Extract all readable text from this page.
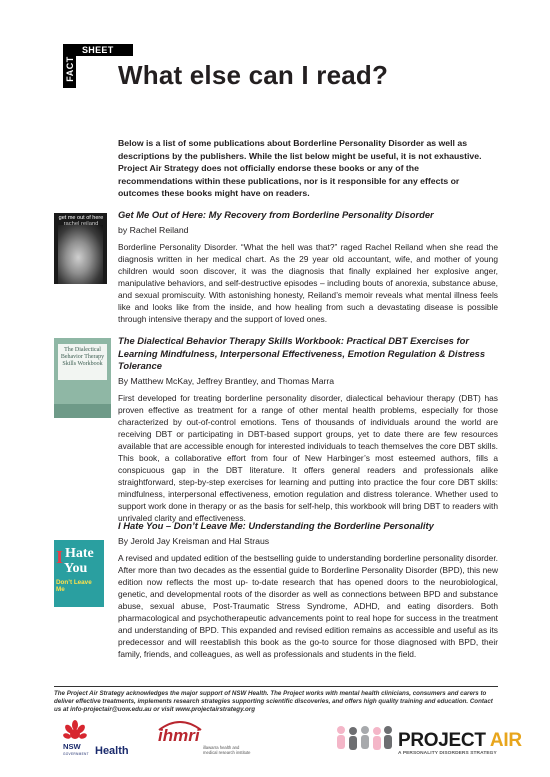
FACT
SHEET
What else can I read?

Below is a list of some publications about Borderline Personality Disorder as well as descriptions by the publishers. While the list below might be useful, it is not exhaustive. Project Air Strategy does not officially endorse these books or any of the recommendations within these publications, nor is it responsible for any effects or outcomes these books might have on readers.

get me out of here
rachel reiland
Get Me Out of Here: My Recovery from Borderline Personality Disorder

by Rachel Reiland

Borderline Personality Disorder. “What the hell was that?” raged Rachel Reiland when she read the diagnosis written in her medical chart. As the 29 year old accountant, wife, and mother of young children would soon discover, it was the diagnosis that finally explained her explosive anger, manipulative behaviors, and self-destructive episodes – including bouts of anorexia, substance abuse, and sexual promiscuity. With astonishing honesty, Reiland’s memoir reveals what mental illness feels like and looks like from the inside, and how healing from such a devastating disease is possible through intensive therapy and the support of loved ones.

The Dialectical Behavior Therapy Skills Workbook
The Dialectical Behavior Therapy Skills Workbook: Practical DBT Exercises for Learning Mindfulness, Interpersonal Effectiveness, Emotion Regulation & Distress Tolerance

By Matthew McKay, Jeffrey Brantley, and Thomas Marra

First developed for treating borderline personality disorder, dialectical behaviour therapy (DBT) has proven effective as treatment for a range of other mental health problems, especially for those characterized by out-of-control emotions. Tens of thousands of individuals around the world are receiving DBT or participating in DBT-based support groups, yet to date there are few resources available that are accessible enough for interested individuals to teach themselves the core DBT skills. This book, a collaborative effort from four of New Harbinger’s most esteemed authors, fills a conspicuous gap in the DBT literature. It offers general readers and professionals alike straightforward, step-by-step exercises for learning and putting into practice the four core DBT skills: mindfulness, interpersonal effectiveness, emotion regulation and distress tolerance. Whether used to support work done in therapy or as the basis for self-help, this workbook will bring DBT to readers with unrivaled clarity and effectiveness.

I Hate
You
Don’t Leave Me
I Hate You – Don’t Leave Me: Understanding the Borderline Personality

By Jerold Jay Kreisman and Hal Straus

A revised and updated edition of the bestselling guide to understanding borderline personality disorder. After more than two decades as the essential guide to Borderline Personality Disorder (BPD), this new edition now reflects the most up- to-date research that has opened doors to the neurobiological, genetic, and developmental roots of the disorder as well as connections between BPD and substance abuse, sexual abuse, Post-Traumatic Stress Syndrome, ADHD, and eating disorders. Both pharmacological and psychotherapeutic advancements point to real hope for success in the treatment and understanding of BPD. This expanded and revised edition remains as accessible and useful as its predecessor and will reestablish this book as the go-to source for those diagnosed with BPD, their family, friends, and colleagues, as well as professionals and students in the field.

The Project Air Strategy acknowledges the major support of NSW Health. The Project works with mental health clinicians, consumers and carers to deliver effective treatments, implements research strategies supporting scientific discoveries, and offers high quality training and education. Contact us at info-projectair@uow.edu.au or visit www.projectairstrategy.org

NSW
GOVERNMENT Health
ihmri
illawarra health and medical research institute
PROJECT AIR
A PERSONALITY DISORDERS STRATEGY
